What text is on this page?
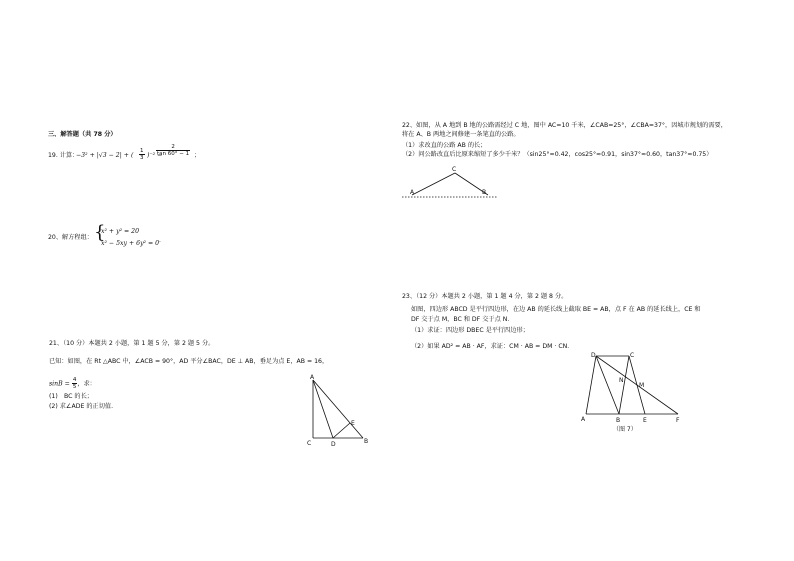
三、解答题（共 78 分）
19. 计算：
−3² + |√3 − 2| + ( $\frac{1}{3} )^{-2}$ −
$\frac{2}{\tan 60^\circ - 1}$ ；
20、解方程组： {
x² + y² = 20
x² − 5xy + 6y² = 0 ．
21、（10 分）本题共 2 小题，第 1 题 5 分，第 2 题 5 分。
已知：如图，在 Rt △ABC 中，∠ACB = 90°，AD 平分∠BAC，DE ⊥ AB，垂足为点 E，AB = 16，
$\sin B = \frac{4}{5}$ ，求：
(1)　BC 的长；
(2) 求∠ADE 的正切值.
A
C	D
E
B
22、如图，从 A 地到 B 地的公路需经过 C 地，图中 AC=10 千米，∠CAB=25°，∠CBA=37°，因城市规划的需要，
将在 A、B 两地之间修建一条笔直的公路。
（1）求改直的公路 AB 的长；
（2）问公路改直后比原来缩短了多少千米？（sin25°≈0.42，cos25°≈0.91，sin37°≈0.60，tan37°≈0.75）
A
C
B
23、（12 分）本题共 2 小题，第 1 题 4 分，第 2 题 8 分。
如图，四边形 ABCD 是平行四边形，在边 AB 的延长线上截取 BE = AB，点 F 在 AB 的延长线上，CE 和
DF 交于点 M，BC 和 DF 交于点 N．
（1）求证：四边形 DBEC 是平行四边形；
（2）如果 AD² = AB · AF，求证：CM · AB = DM · CN．
A	B	E	F
D	C
N
M
（图 7）
